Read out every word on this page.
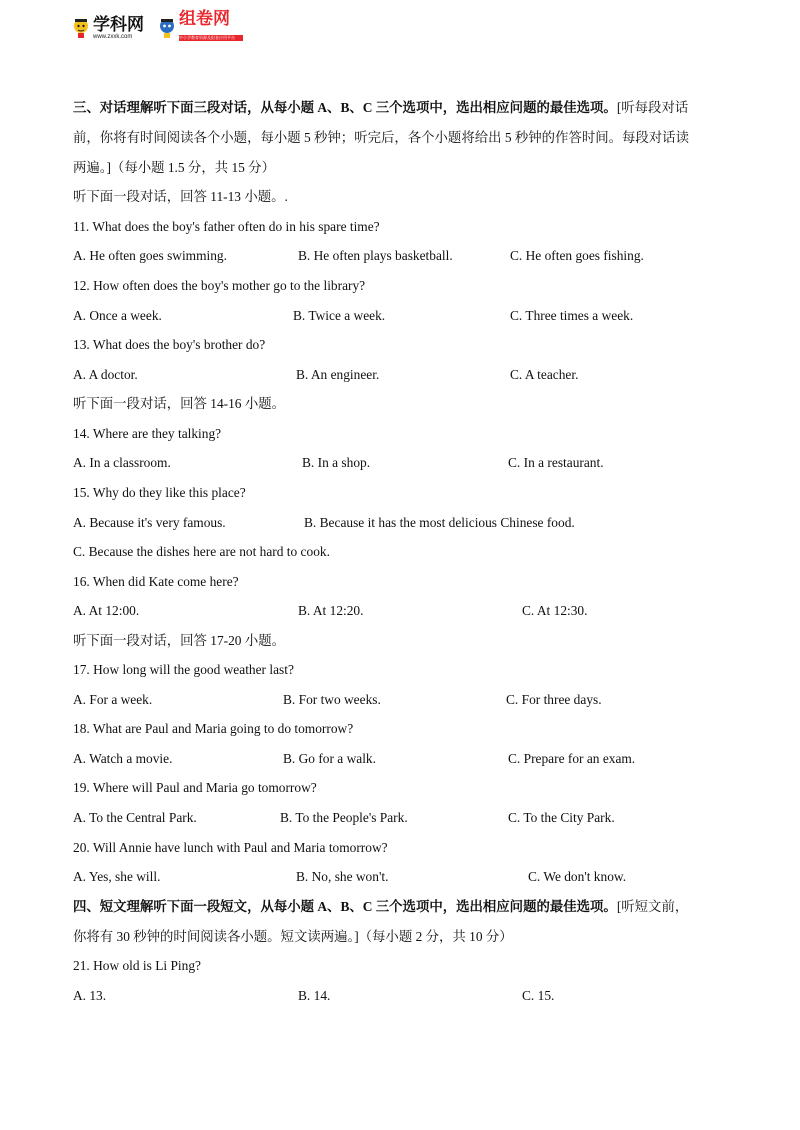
学科网
www.zxxk.com
组卷网
中小学教育资源及组卷应用平台
三、对话理解听下面三段对话，从每小题 A、B、C 三个选项中，选出相应问题的最佳选项。[听每段对话
前，你将有时间阅读各个小题，每小题 5 秒钟；听完后，各个小题将给出 5 秒钟的作答时间。每段对话读
两遍。]（每小题 1.5 分，共 15 分）
听下面一段对话，回答 11-13 小题。.
11. What does the boy's father often do in his spare time?
A. He often goes swimming.	B. He often plays basketball.	C. He often goes fishing.
12. How often does the boy's mother go to the library?
A. Once a week.	B. Twice a week.	C. Three times a week.
13. What does the boy's brother do?
A. A doctor.	B. An engineer.	C. A teacher.
听下面一段对话，回答 14-16 小题。
14. Where are they talking?
A. In a classroom.	B. In a shop.	C. In a restaurant.
15. Why do they like this place?
A. Because it's very famous.	B. Because it has the most delicious Chinese food.
C. Because the dishes here are not hard to cook.
16. When did Kate come here?
A. At 12:00.	B. At 12:20.	C. At 12:30.
听下面一段对话，回答 17-20 小题。
17. How long will the good weather last?
A. For a week.	B. For two weeks.	C. For three days.
18. What are Paul and Maria going to do tomorrow?
A. Watch a movie.	B. Go for a walk.	C. Prepare for an exam.
19. Where will Paul and Maria go tomorrow?
A. To the Central Park.	B. To the People's Park.	C. To the City Park.
20. Will Annie have lunch with Paul and Maria tomorrow?
A. Yes, she will.	B. No, she won't.	C. We don't know.
四、短文理解听下面一段短文，从每小题 A、B、C 三个选项中，选出相应问题的最佳选项。[听短文前，
你将有 30 秒钟的时间阅读各小题。短文读两遍。]（每小题 2 分，共 10 分）
21. How old is Li Ping?
A. 13.	B. 14.	C. 15.
